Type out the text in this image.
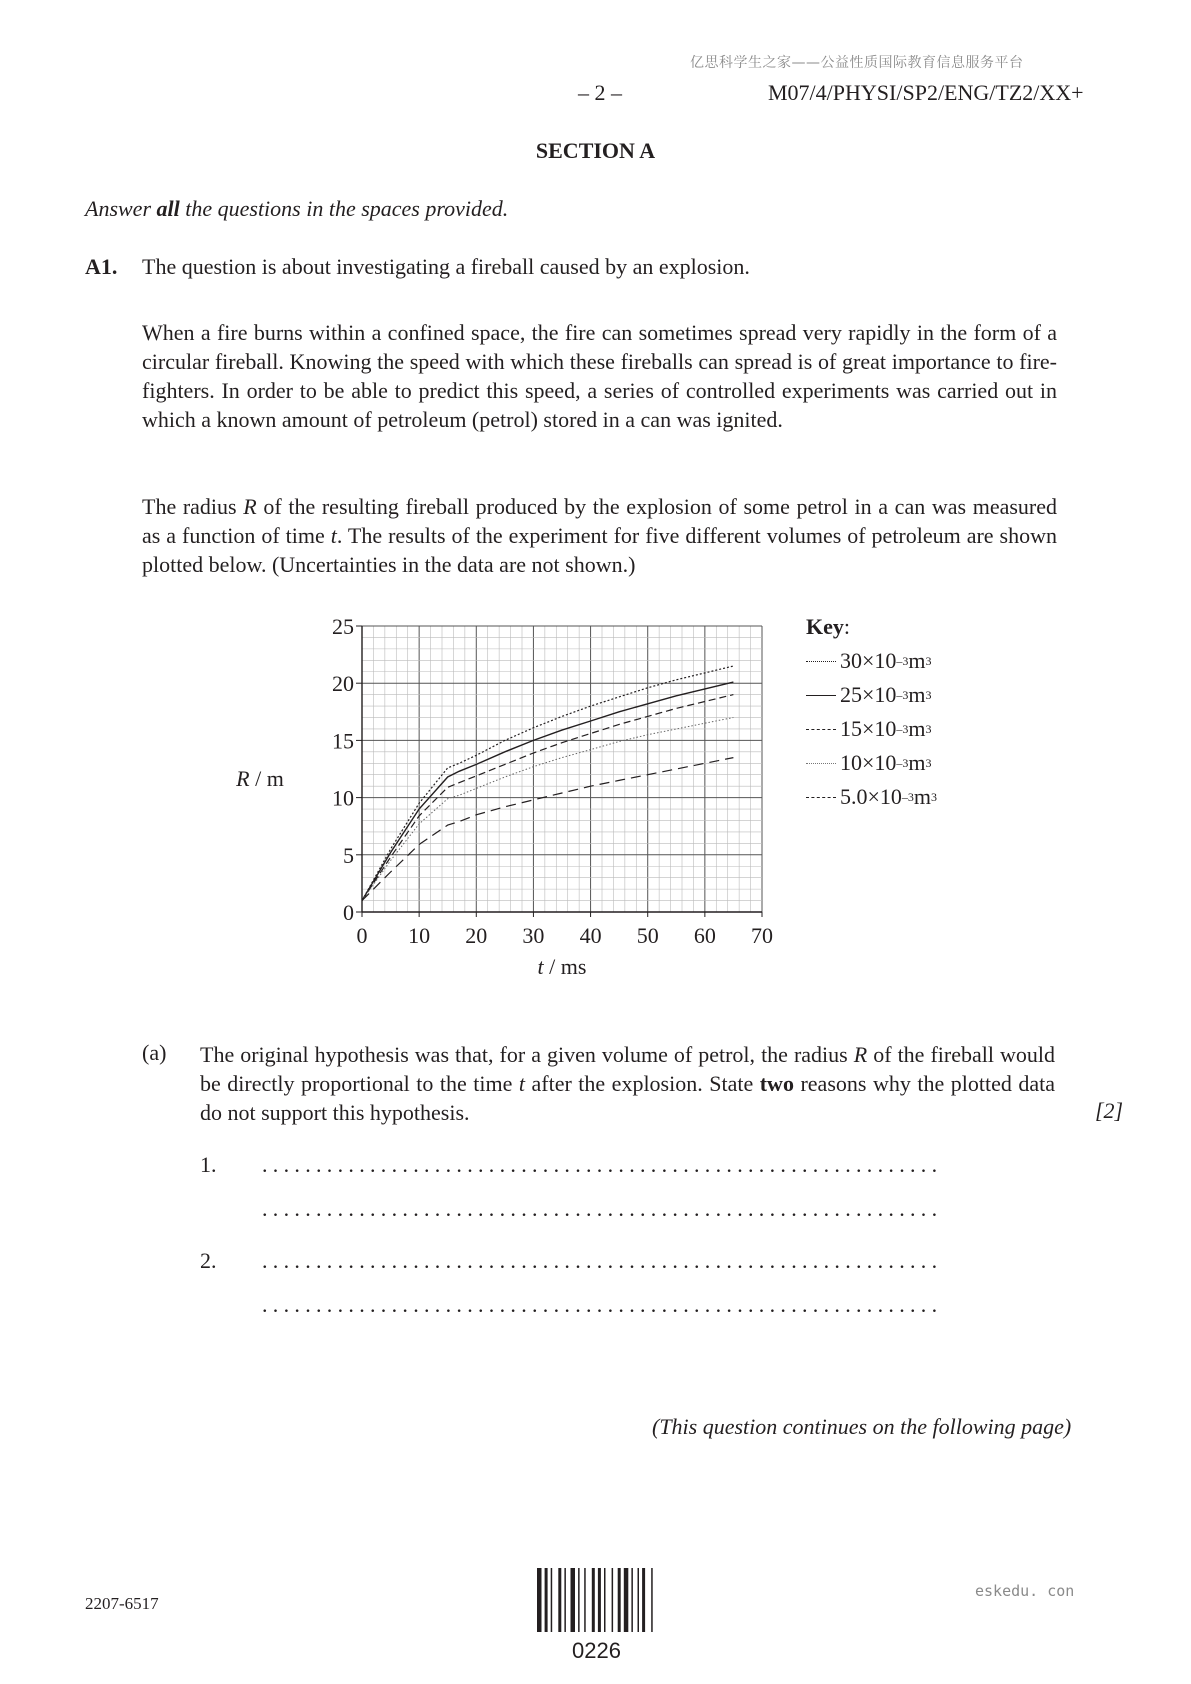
亿思科学生之家——公益性质国际教育信息服务平台
– 2 –	M07/4/PHYSI/SP2/ENG/TZ2/XX+
SECTION A
Answer all the questions in the spaces provided.
A1. The question is about investigating a fireball caused by an explosion.
When a fire burns within a confined space, the fire can sometimes spread very rapidly in the form of a circular fireball. Knowing the speed with which these fireballs can spread is of great importance to fire-fighters. In order to be able to predict this speed, a series of controlled experiments was carried out in which a known amount of petroleum (petrol) stored in a can was ignited.
The radius R of the resulting fireball produced by the explosion of some petrol in a can was measured as a function of time t. The results of the experiment for five different volumes of petroleum are shown plotted below. (Uncertainties in the data are not shown.)
0 10 20 30 40 50 60 70
0
5
10
15
20
25
R / m
t / ms
Key:
30×10 –3 m 3
25×10 –3 m 3
15×10 –3 m 3
10×10 –3 m 3
5.0×10 –3 m 3
(a) The original hypothesis was that, for a given volume of petrol, the radius R of the fireball would be directly proportional to the time t after the explosion. State two reasons why the plotted data do not support this hypothesis.	[2]
1. ...............................................................
...............................................................
2. ...............................................................
...............................................................
(This question continues on the following page)
2207-6517
0226
eskedu. con
